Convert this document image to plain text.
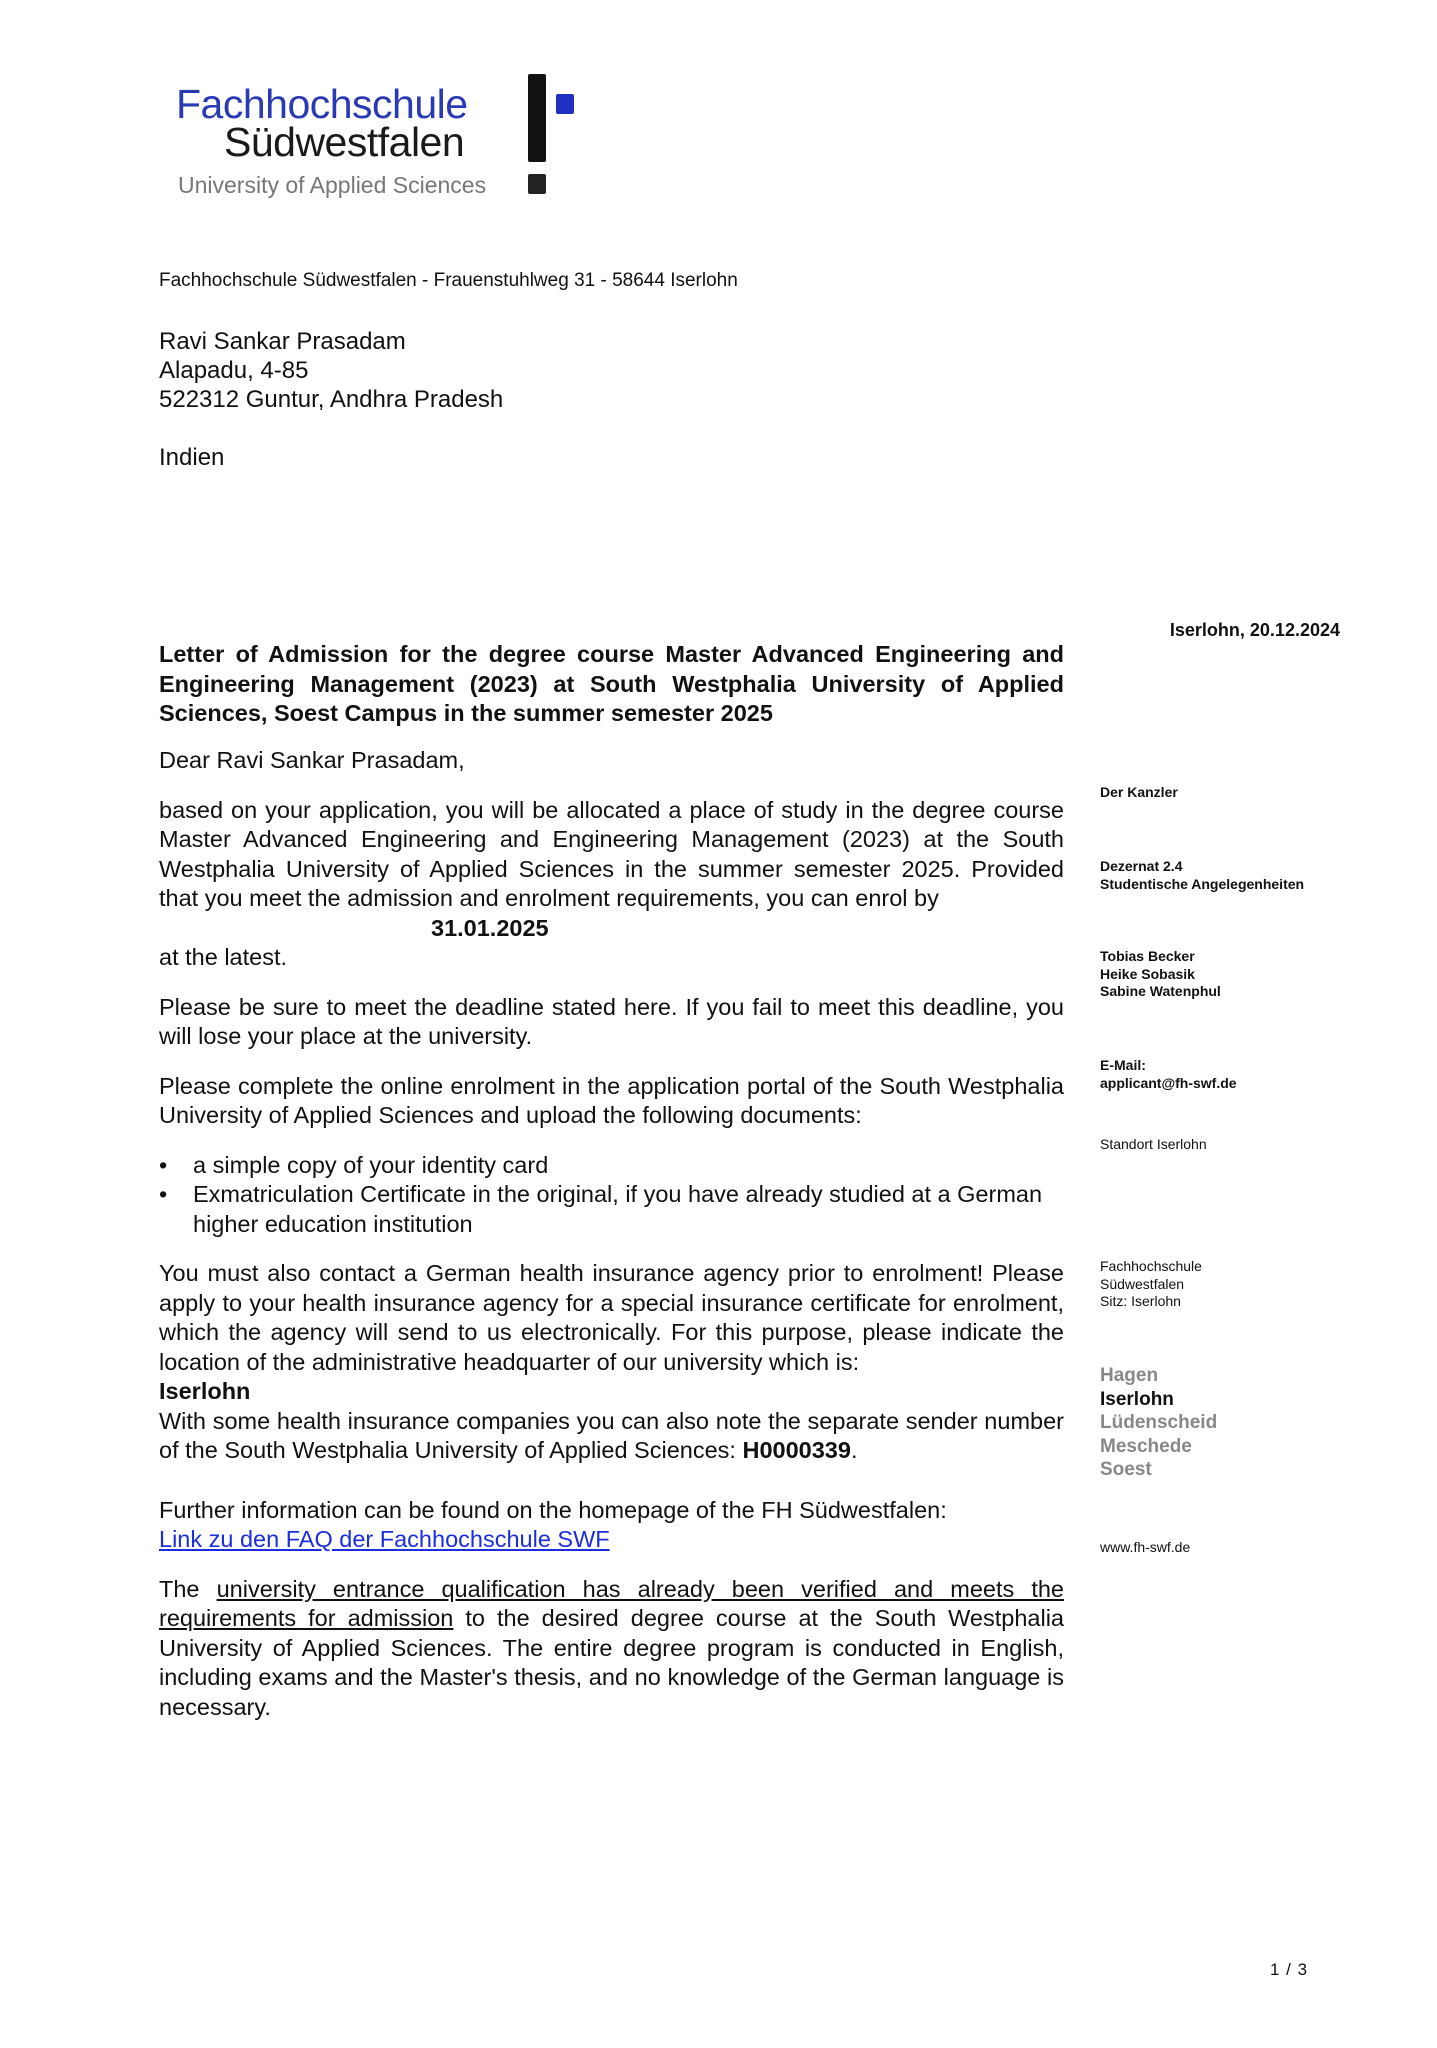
Fachhochschule
Südwestfalen
University of Applied Sciences
Fachhochschule Südwestfalen - Frauenstuhlweg 31 - 58644 Iserlohn
Ravi Sankar Prasadam
Alapadu, 4-85
522312 Guntur, Andhra Pradesh
Indien
Iserlohn, 20.12.2024
Letter of Admission for the degree course Master Advanced Engineering and Engineering Management (2023) at South Westphalia University of Applied Sciences, Soest Campus in the summer semester 2025

Dear Ravi Sankar Prasadam,

based on your application, you will be allocated a place of study in the degree course Master Advanced Engineering and Engineering Management (2023) at the South Westphalia University of Applied Sciences in the summer semester 2025. Provided that you meet the admission and enrolment requirements, you can enrol by

31.01.2025

at the latest.

Please be sure to meet the deadline stated here. If you fail to meet this deadline, you will lose your place at the university.

Please complete the online enrolment in the application portal of the South Westphalia University of Applied Sciences and upload the following documents:

• a simple copy of your identity card
• Exmatriculation Certificate in the original, if you have already studied at a German higher education institution

You must also contact a German health insurance agency prior to enrolment! Please apply to your health insurance agency for a special insurance certificate for enrolment, which the agency will send to us electronically. For this purpose, please indicate the location of the administrative headquarter of our university which is:

Iserlohn

With some health insurance companies you can also note the separate sender number of the South Westphalia University of Applied Sciences: H0000339.

Further information can be found on the homepage of the FH Südwestfalen:
Link zu den FAQ der Fachhochschule SWF

The university entrance qualification has already been verified and meets the requirements for admission to the desired degree course at the South Westphalia University of Applied Sciences. The entire degree program is conducted in English, including exams and the Master's thesis, and no knowledge of the German language is necessary.

Der Kanzler
Dezernat 2.4
Studentische Angelegenheiten
Tobias Becker
Heike Sobasik
Sabine Watenphul
E-Mail:
applicant@fh-swf.de
Standort Iserlohn
Fachhochschule
Südwestfalen
Sitz: Iserlohn
Hagen
Iserlohn
Lüdenscheid
Meschede
Soest
www.fh-swf.de
1 / 3
